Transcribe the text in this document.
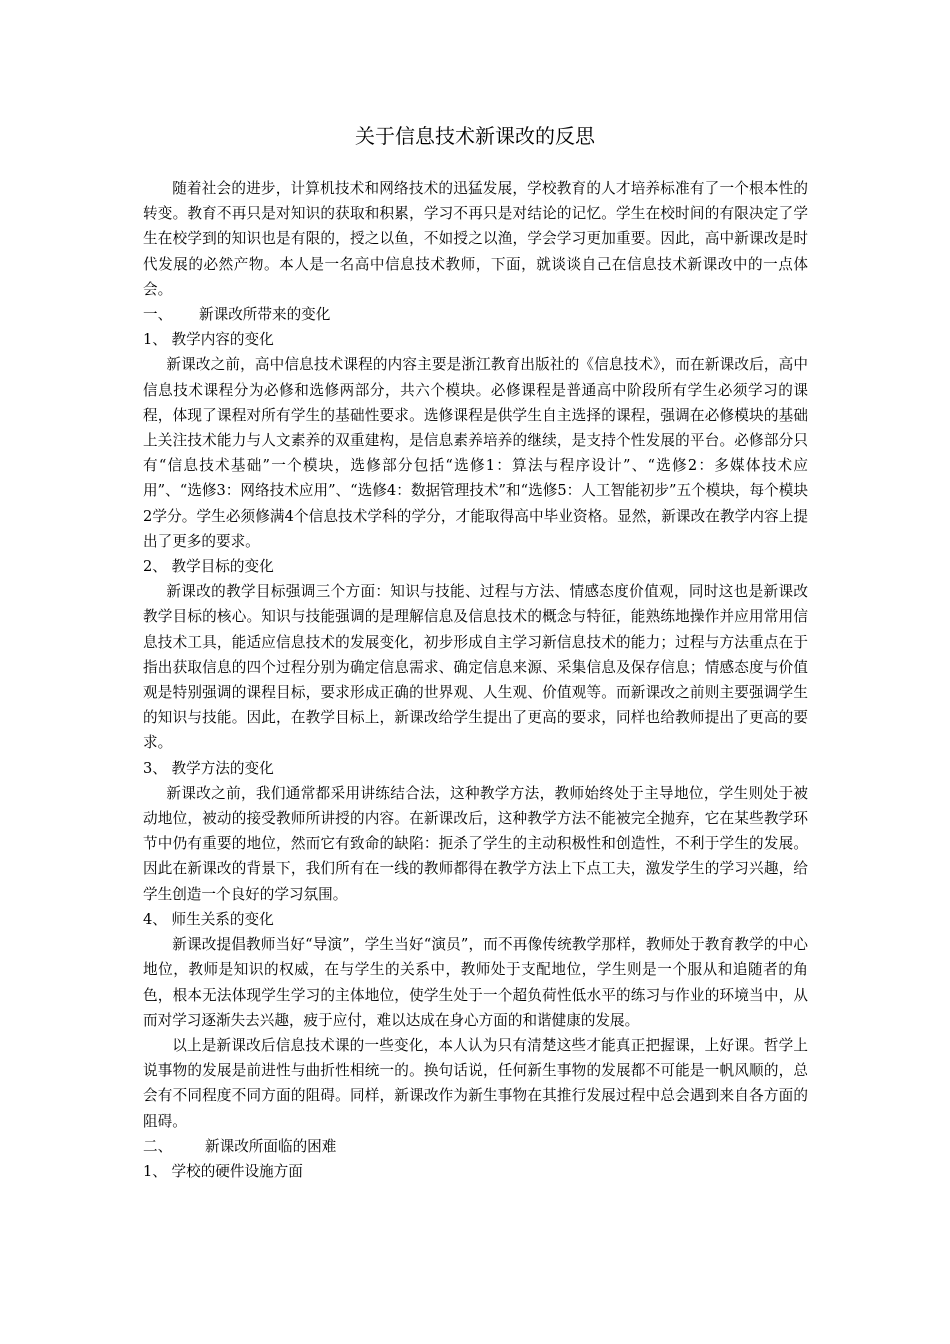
关于信息技术新课改的反思

随着社会的进步，计算机技术和网络技术的迅猛发展，学校教育的人才培养标准有了一个根本性的转变。教育不再只是对知识的获取和积累，学习不再只是对结论的记忆。学生在校时间的有限决定了学生在校学到的知识也是有限的，授之以鱼，不如授之以渔，学会学习更加重要。因此，高中新课改是时代发展的必然产物。本人是一名高中信息技术教师，下面，就谈谈自己在信息技术新课改中的一点体会。

一、 新课改所带来的变化

1、 教学内容的变化

新课改之前，高中信息技术课程的内容主要是浙江教育出版社的《信息技术》，而在新课改后，高中信息技术课程分为必修和选修两部分，共六个模块。必修课程是普通高中阶段所有学生必须学习的课程，体现了课程对所有学生的基础性要求。选修课程是供学生自主选择的课程，强调在必修模块的基础上关注技术能力与人文素养的双重建构，是信息素养培养的继续，是支持个性发展的平台。必修部分只有“信息技术基础”一个模块，选修部分包括“选修1：算法与程序设计”、“选修2：多媒体技术应用”、“选修3：网络技术应用”、“选修4：数据管理技术”和“选修5：人工智能初步”五个模块，每个模块2学分。学生必须修满4个信息技术学科的学分，才能取得高中毕业资格。显然，新课改在教学内容上提出了更多的要求。

2、 教学目标的变化

新课改的教学目标强调三个方面：知识与技能、过程与方法、情感态度价值观，同时这也是新课改教学目标的核心。知识与技能强调的是理解信息及信息技术的概念与特征，能熟练地操作并应用常用信息技术工具，能适应信息技术的发展变化，初步形成自主学习新信息技术的能力；过程与方法重点在于指出获取信息的四个过程分别为确定信息需求、确定信息来源、采集信息及保存信息；情感态度与价值观是特别强调的课程目标，要求形成正确的世界观、人生观、价值观等。而新课改之前则主要强调学生的知识与技能。因此，在教学目标上，新课改给学生提出了更高的要求，同样也给教师提出了更高的要求。

3、 教学方法的变化

新课改之前，我们通常都采用讲练结合法，这种教学方法，教师始终处于主导地位，学生则处于被动地位，被动的接受教师所讲授的内容。在新课改后，这种教学方法不能被完全抛弃，它在某些教学环节中仍有重要的地位，然而它有致命的缺陷：扼杀了学生的主动积极性和创造性，不利于学生的发展。因此在新课改的背景下，我们所有在一线的教师都得在教学方法上下点工夫，激发学生的学习兴趣，给学生创造一个良好的学习氛围。

4、 师生关系的变化

新课改提倡教师当好“导演”，学生当好“演员”，而不再像传统教学那样，教师处于教育教学的中心地位，教师是知识的权威，在与学生的关系中，教师处于支配地位，学生则是一个服从和追随者的角色，根本无法体现学生学习的主体地位，使学生处于一个超负荷性低水平的练习与作业的环境当中，从而对学习逐渐失去兴趣，疲于应付，难以达成在身心方面的和谐健康的发展。

以上是新课改后信息技术课的一些变化，本人认为只有清楚这些才能真正把握课，上好课。哲学上说事物的发展是前进性与曲折性相统一的。换句话说，任何新生事物的发展都不可能是一帆风顺的，总会有不同程度不同方面的阻碍。同样，新课改作为新生事物在其推行发展过程中总会遇到来自各方面的阻碍。

二、 新课改所面临的困难

1、 学校的硬件设施方面
